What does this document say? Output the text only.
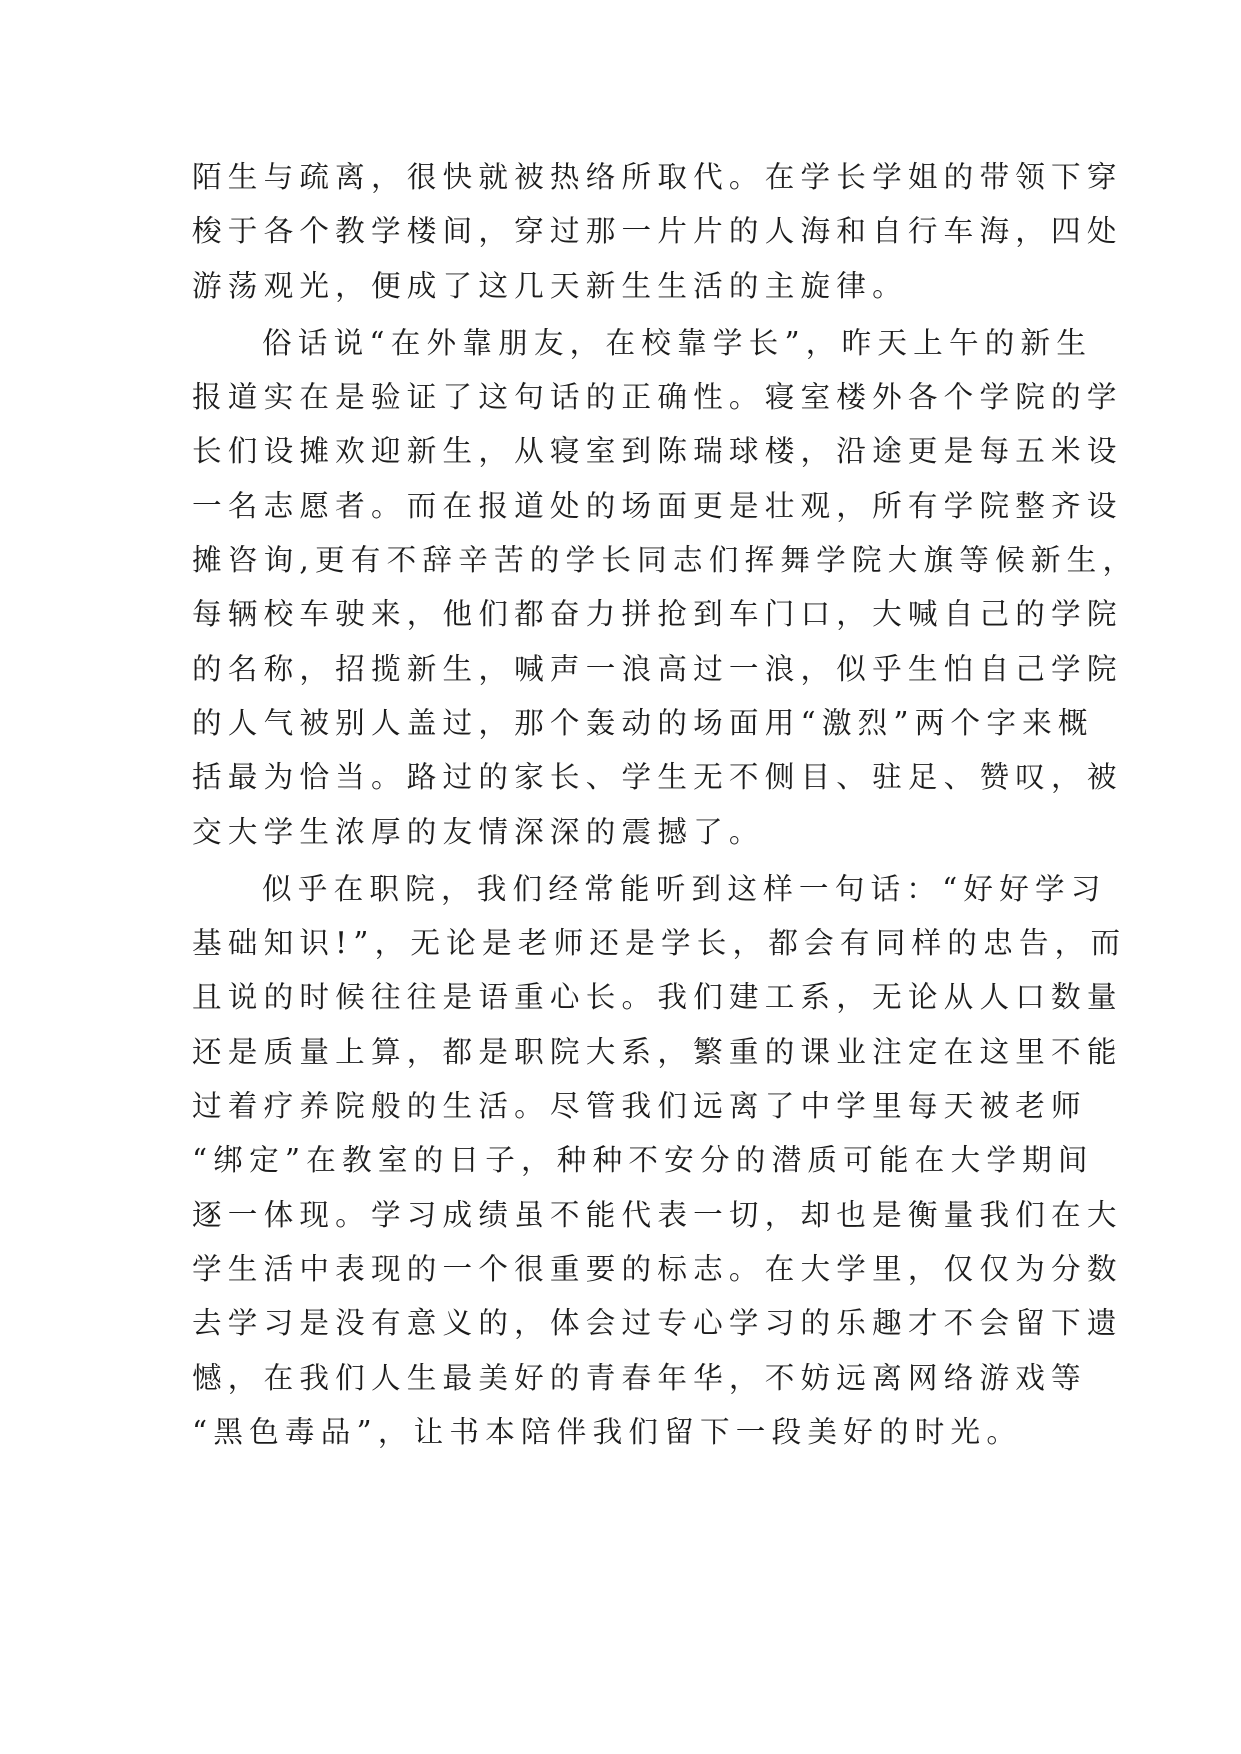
陌生与疏离，很快就被热络所取代。在学长学姐的带领下穿
梭于各个教学楼间，穿过那一片片的人海和自行车海，四处
游荡观光，便成了这几天新生生活的主旋律。
俗话说“在外靠朋友，在校靠学长”，昨天上午的新生
报道实在是验证了这句话的正确性。寝室楼外各个学院的学
长们设摊欢迎新生，从寝室到陈瑞球楼，沿途更是每五米设
一名志愿者。而在报道处的场面更是壮观，所有学院整齐设
摊咨询,更有不辞辛苦的学长同志们挥舞学院大旗等候新生，
每辆校车驶来，他们都奋力拼抢到车门口，大喊自己的学院
的名称，招揽新生，喊声一浪高过一浪，似乎生怕自己学院
的人气被别人盖过，那个轰动的场面用“激烈”两个字来概
括最为恰当。路过的家长、学生无不侧目、驻足、赞叹，被
交大学生浓厚的友情深深的震撼了。
似乎在职院，我们经常能听到这样一句话：“好好学习
基础知识!”，无论是老师还是学长，都会有同样的忠告，而
且说的时候往往是语重心长。我们建工系，无论从人口数量
还是质量上算，都是职院大系，繁重的课业注定在这里不能
过着疗养院般的生活。尽管我们远离了中学里每天被老师
“绑定”在教室的日子，种种不安分的潜质可能在大学期间
逐一体现。学习成绩虽不能代表一切，却也是衡量我们在大
学生活中表现的一个很重要的标志。在大学里，仅仅为分数
去学习是没有意义的，体会过专心学习的乐趣才不会留下遗
憾，在我们人生最美好的青春年华，不妨远离网络游戏等
“黑色毒品”，让书本陪伴我们留下一段美好的时光。
